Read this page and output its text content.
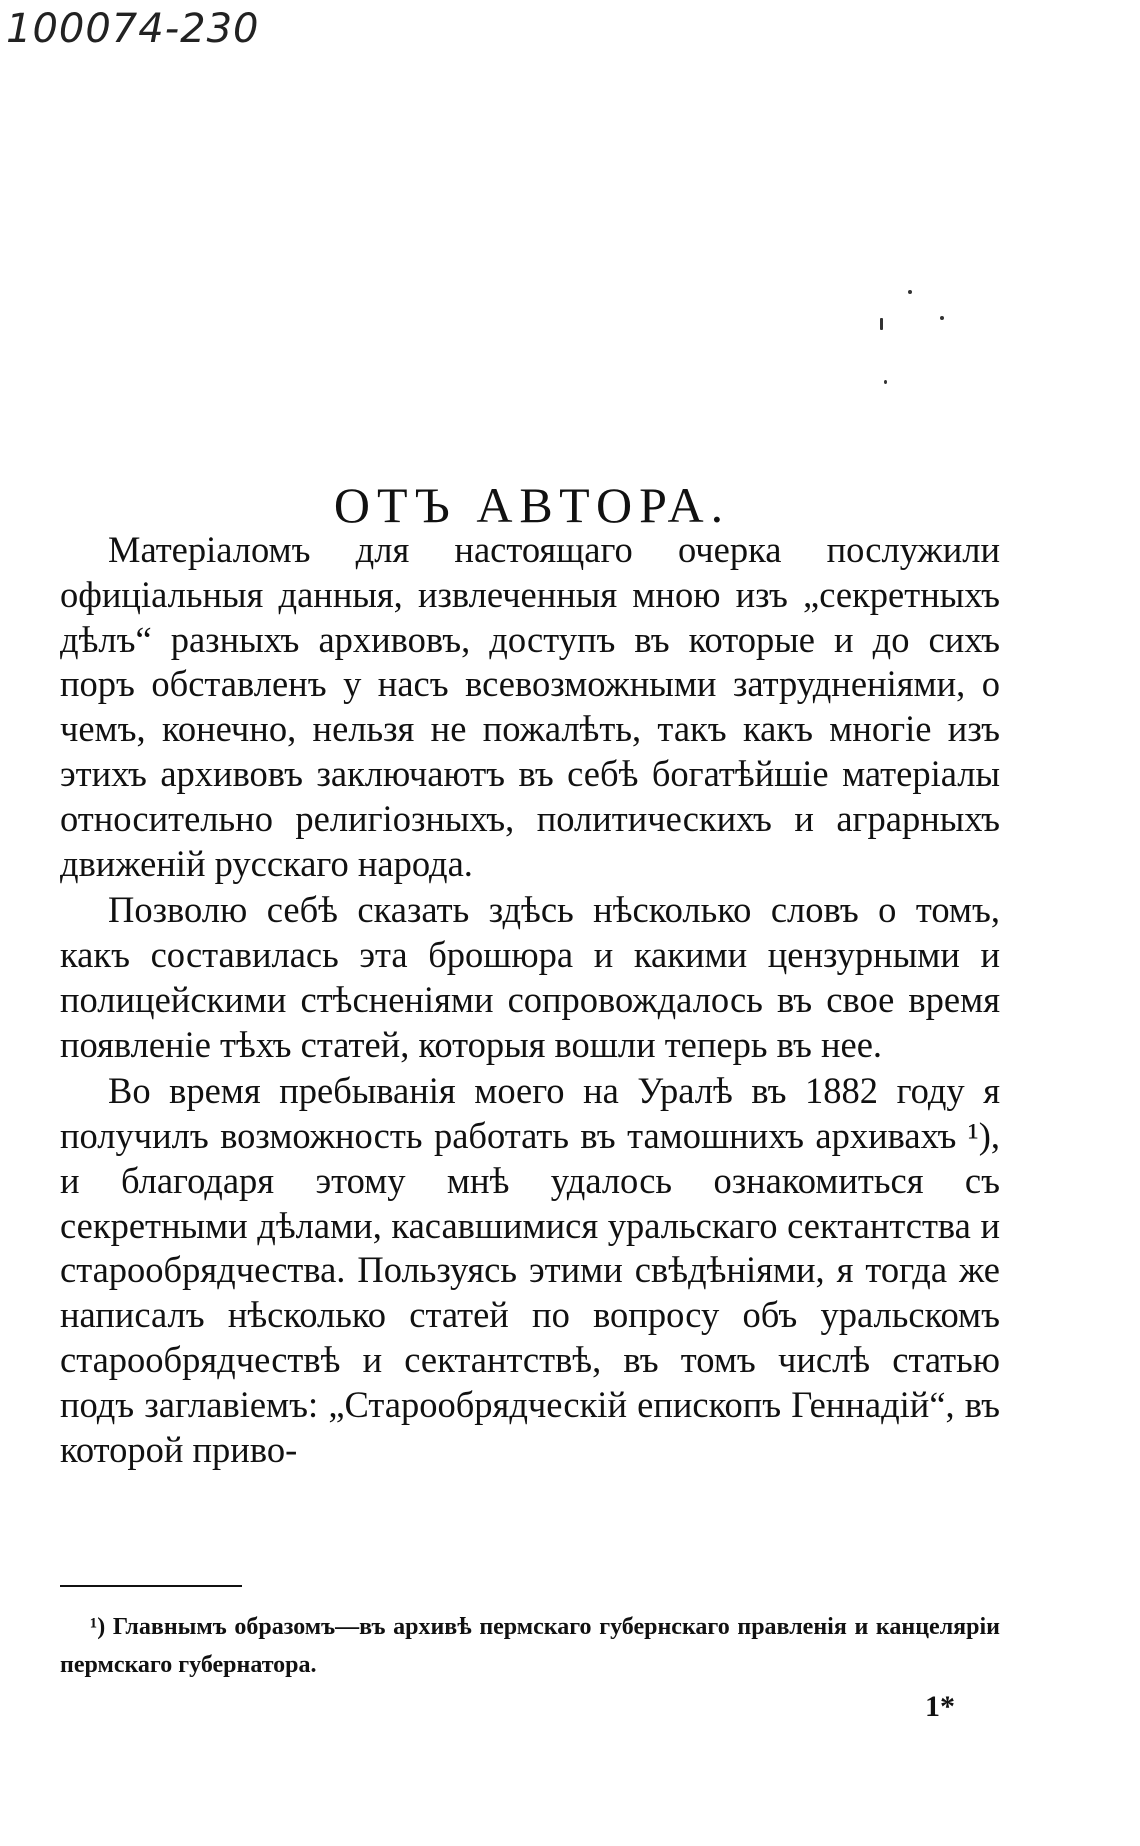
100074-230
ОТЪ АВТОРА.

Матеріаломъ для настоящаго очерка послужили офиціальныя данныя, извлеченныя мною изъ „секретныхъ дѣлъ“ разныхъ архивовъ, доступъ въ которые и до сихъ поръ обставленъ у насъ всевозможными затрудненіями, о чемъ, конечно, нельзя не пожалѣть, такъ какъ многіе изъ этихъ архивовъ заключаютъ въ себѣ богатѣйшіе матеріалы относительно религіозныхъ, политическихъ и аграрныхъ движеній русскаго народа.

Позволю себѣ сказать здѣсь нѣсколько словъ о томъ, какъ составилась эта брошюра и какими цензурными и полицейскими стѣсненіями сопровождалось въ свое время появленіе тѣхъ статей, которыя вошли теперь въ нее.

Во время пребыванія моего на Уралѣ въ 1882 году я получилъ возможность работать въ тамошнихъ архивахъ ¹), и благодаря этому мнѣ удалось ознакомиться съ секретными дѣлами, касавшимися уральскаго сектантства и старообрядчества. Пользуясь этими свѣдѣніями, я тогда же написалъ нѣсколько статей по вопросу объ уральскомъ старообрядчествѣ и сектантствѣ, въ томъ числѣ статью подъ заглавіемъ: „Старообрядческій епископъ Геннадій“, въ которой приво-

¹) Главнымъ образомъ—въ архивѣ пермскаго губернскаго правленія и канцеляріи пермскаго губернатора.
1*
